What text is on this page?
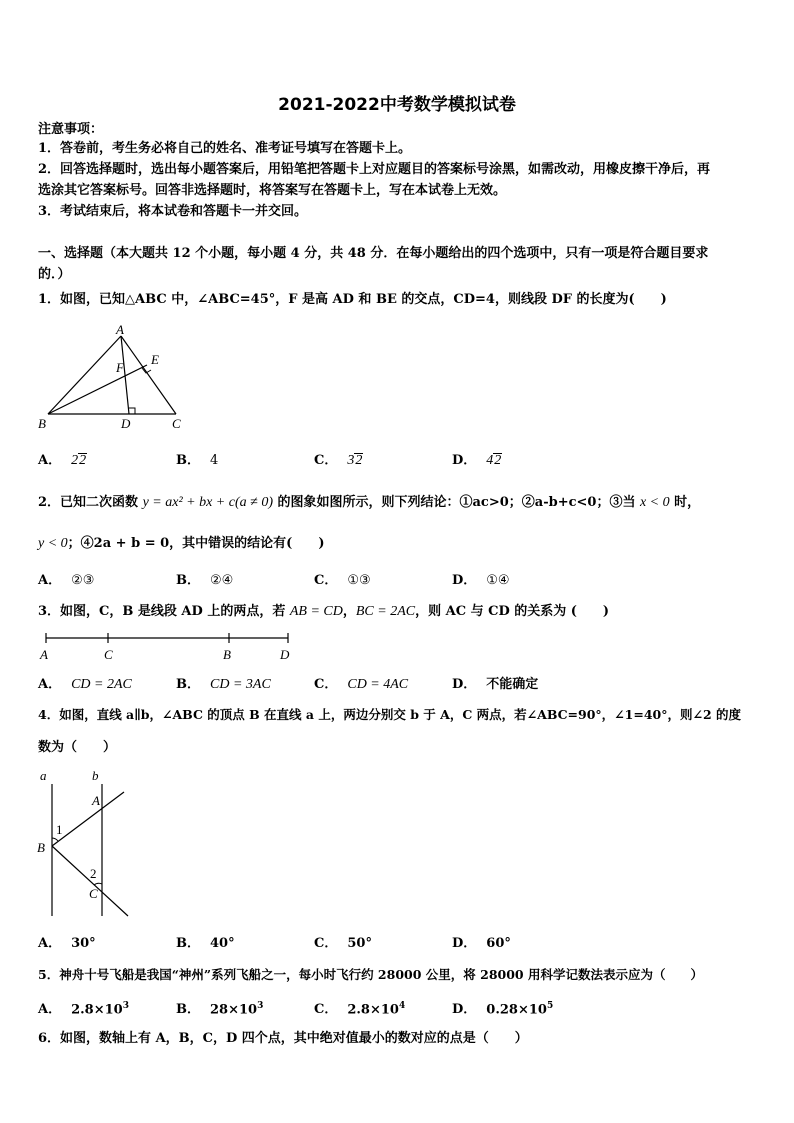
2021-2022中考数学模拟试卷
注意事项：
1．答卷前，考生务必将自己的姓名、准考证号填写在答题卡上。
2．回答选择题时，选出每小题答案后，用铅笔把答题卡上对应题目的答案标号涂黑，如需改动，用橡皮擦干净后，再
选涂其它答案标号。回答非选择题时，将答案写在答题卡上，写在本试卷上无效。
3．考试结束后，将本试卷和答题卡一并交回。
一、选择题（本大题共 12 个小题，每小题 4 分，共 48 分．在每小题给出的四个选项中，只有一项是符合题目要求
的．）
1．如图，已知△ABC 中，∠ABC=45°，F 是高 AD 和 BE 的交点，CD=4，则线段 DF 的长度为(　　)
A
B	C
D
E
F
A． 22	B． 4	C． 32	D． 42
2．已知二次函数 y = ax² + bx + c(a ≠ 0) 的图象如图所示，则下列结论：①ac>0；②a-b+c<0；③当 x < 0 时，
y < 0；④2a + b = 0，其中错误的结论有(　　)
A． ②③	B． ②④	C． ①③	D． ①④
3．如图，C，B 是线段 AD 上的两点，若 AB = CD，BC = 2AC，则 AC 与 CD 的关系为 (　　)
A	C	B	D
A． CD = 2AC	B． CD = 3AC	C． CD = 4AC	D． 不能确定
4．如图，直线 a∥b，∠ABC 的顶点 B 在直线 a 上，两边分别交 b 于 A，C 两点，若∠ABC=90°，∠1=40°，则∠2 的度
数为（　　）
a	b
A
B
C
1
2
A． 30°	B． 40°	C． 50°	D． 60°
5．神舟十号飞船是我国“神州”系列飞船之一，每小时飞行约 28000 公里，将 28000 用科学记数法表示应为（　　）
A． $2.8\times 10^3$	B． $28\times 10^3$	C． $2.8\times 10^4$	D． $0.28\times 10^5$
6．如图，数轴上有 A，B，C，D 四个点，其中绝对值最小的数对应的点是（　　）
